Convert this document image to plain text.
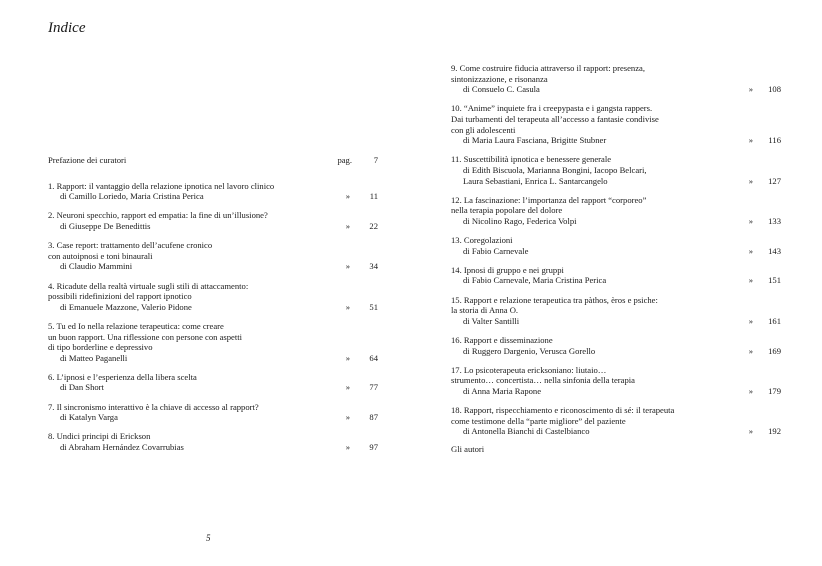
Indice
Prefazione dei curatori	pag.	7
1. Rapport: il vantaggio della relazione ipnotica nel lavoro clinico
di Camillo Loriedo, Maria Cristina Perica	»	11
2. Neuroni specchio, rapport ed empatia: la fine di un’illusione?
di Giuseppe De Benedittis	»	22
3. Case report: trattamento dell’acufene cronico
con autoipnosi e toni binaurali
di Claudio Mammini	»	34
4. Ricadute della realtà virtuale sugli stili di attaccamento:
possibili ridefinizioni del rapport ipnotico
di Emanuele Mazzone, Valerio Pidone	»	51
5. Tu ed Io nella relazione terapeutica: come creare
un buon rapport. Una riflessione con persone con aspetti
di tipo borderline e depressivo
di Matteo Paganelli	»	64
6. L’ipnosi e l’esperienza della libera scelta
di Dan Short	»	77
7. Il sincronismo interattivo è la chiave di accesso al rapport?
di Katalyn Varga	»	87
8. Undici principi di Erickson
di Abraham Hernández Covarrubias	»	97
9. Come costruire fiducia attraverso il rapport: presenza,
sintonizzazione, e risonanza
di Consuelo C. Casula	»	108
10. “Anime” inquiete fra i creepypasta e i gangsta rappers.
Dai turbamenti del terapeuta all’accesso a fantasie condivise
con gli adolescenti
di Maria Laura Fasciana, Brigitte Stubner	»	116
11. Suscettibilità ipnotica e benessere generale
di Edith Biscuola, Marianna Bongini, Iacopo Belcari,
Laura Sebastiani, Enrica L. Santarcangelo	»	127
12. La fascinazione: l’importanza del rapport “corporeo”
nella terapia popolare del dolore
di Nicolino Rago, Federica Volpi	»	133
13. Coregolazioni
di Fabio Carnevale	»	143
14. Ipnosi di gruppo e nei gruppi
di Fabio Carnevale, Maria Cristina Perica	»	151
15. Rapport e relazione terapeutica tra pàthos, èros e psiche:
la storia di Anna O.
di Valter Santilli	»	161
16. Rapport e disseminazione
di Ruggero Dargenio, Verusca Gorello	»	169
17. Lo psicoterapeuta ericksoniano: liutaio…
strumento… concertista… nella sinfonia della terapia
di Anna Maria Rapone	»	179
18. Rapport, rispecchiamento e riconoscimento di sé: il terapeuta
come testimone della “parte migliore” del paziente
di Antonella Bianchi di Castelbianco	»	192
Gli autori
5
